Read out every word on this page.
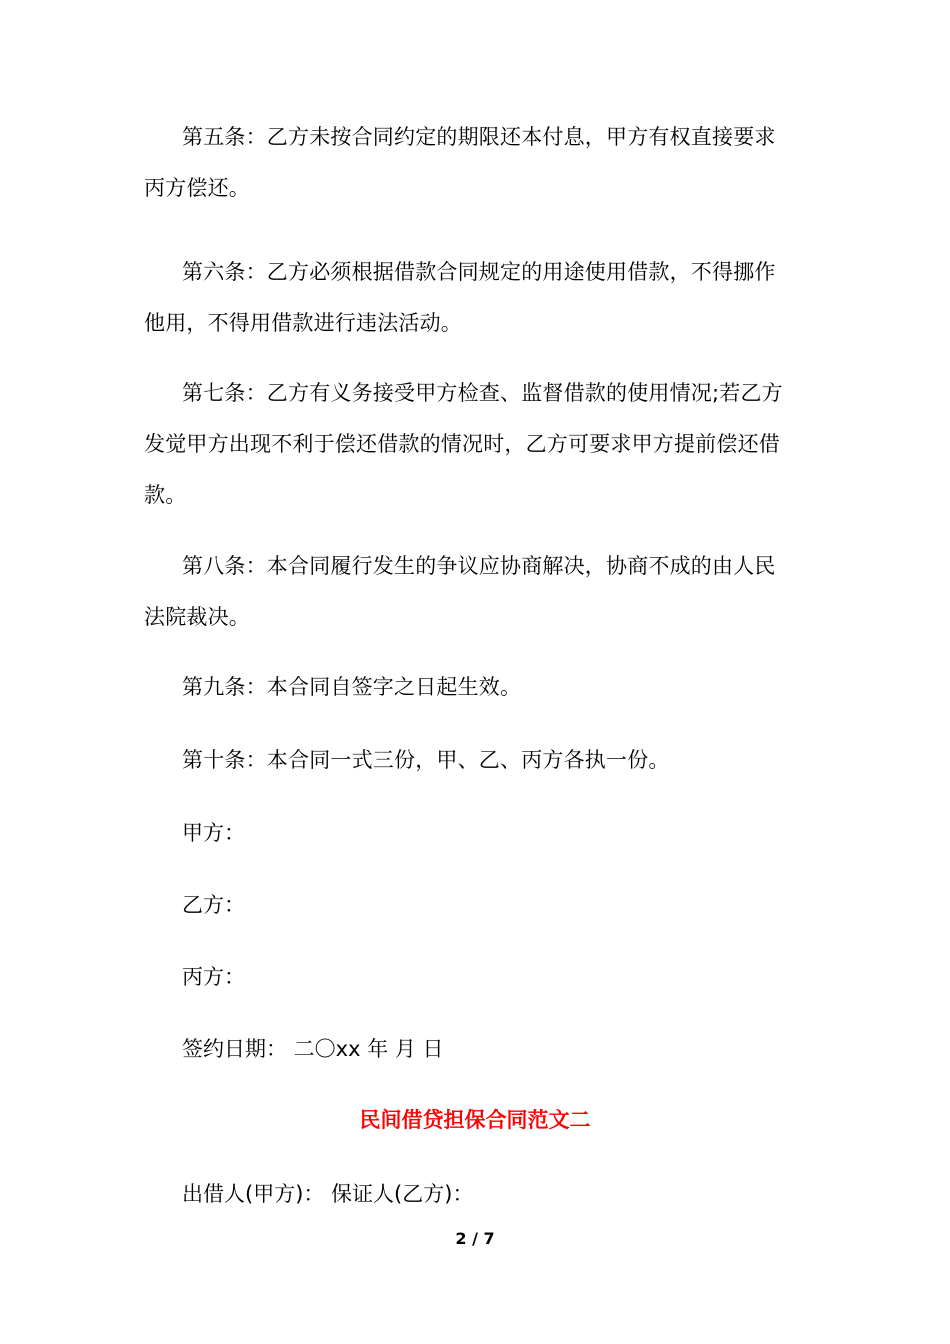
第五条：乙方未按合同约定的期限还本付息，甲方有权直接要求丙方偿还。

第六条：乙方必须根据借款合同规定的用途使用借款，不得挪作他用，不得用借款进行违法活动。

第七条：乙方有义务接受甲方检查、监督借款的使用情况;若乙方发觉甲方出现不利于偿还借款的情况时，乙方可要求甲方提前偿还借款。

第八条：本合同履行发生的争议应协商解决，协商不成的由人民法院裁决。

第九条：本合同自签字之日起生效。

第十条：本合同一式三份，甲、乙、丙方各执一份。

甲方：

乙方：

丙方：

签约日期： 二〇xx 年 月 日

民间借贷担保合同范文二

出借人(甲方)： 保证人(乙方)：

2 / 7
